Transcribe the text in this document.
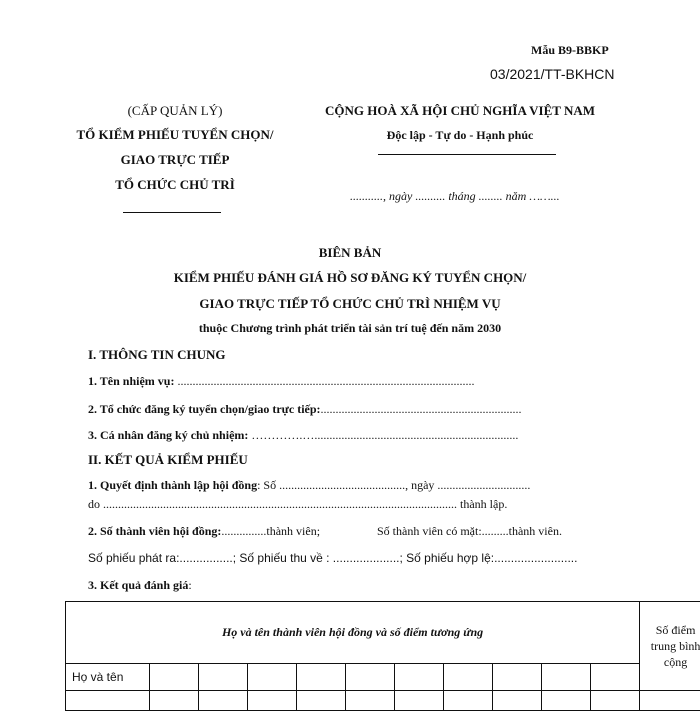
Mẫu B9-BBKP
03/2021/TT-BKHCN
(CẤP QUẢN LÝ)
TỔ KIỂM PHIẾU TUYỂN CHỌN/
GIAO TRỰC TIẾP
TỔ CHỨC CHỦ TRÌ
CỘNG HOÀ XÃ HỘI CHỦ NGHĨA VIỆT NAM
Độc lập - Tự do - Hạnh phúc
..........., ngày .......... tháng ........ năm ……...
BIÊN BẢN
KIỂM PHIẾU ĐÁNH GIÁ HỒ SƠ ĐĂNG KÝ TUYỂN CHỌN/
GIAO TRỰC TIẾP TỔ CHỨC CHỦ TRÌ NHIỆM VỤ
thuộc Chương trình phát triển tài sản trí tuệ đến năm 2030
I. THÔNG TIN CHUNG
1. Tên nhiệm vụ: ...................................................................................................
2. Tổ chức đăng ký tuyển chọn/giao trực tiếp:...................................................................
3. Cá nhân đăng ký chủ nhiệm: ………….…....................................................................
II. KẾT QUẢ KIỂM PHIẾU
1. Quyết định thành lập hội đồng: Số .........................................., ngày ...............................
do ...................................................................................................................... thành lập.
2. Số thành viên hội đồng:...............thành viên;	Số thành viên có mặt:.........thành viên.
Số phiếu phát ra:................; Số phiếu thu về : ....................; Số phiếu hợp lệ:.........................
3. Kết quả đánh giá:
Họ và tên thành viên hội đồng và số điểm tương ứng											Số điểm trung bình cộng
Họ và tên											
